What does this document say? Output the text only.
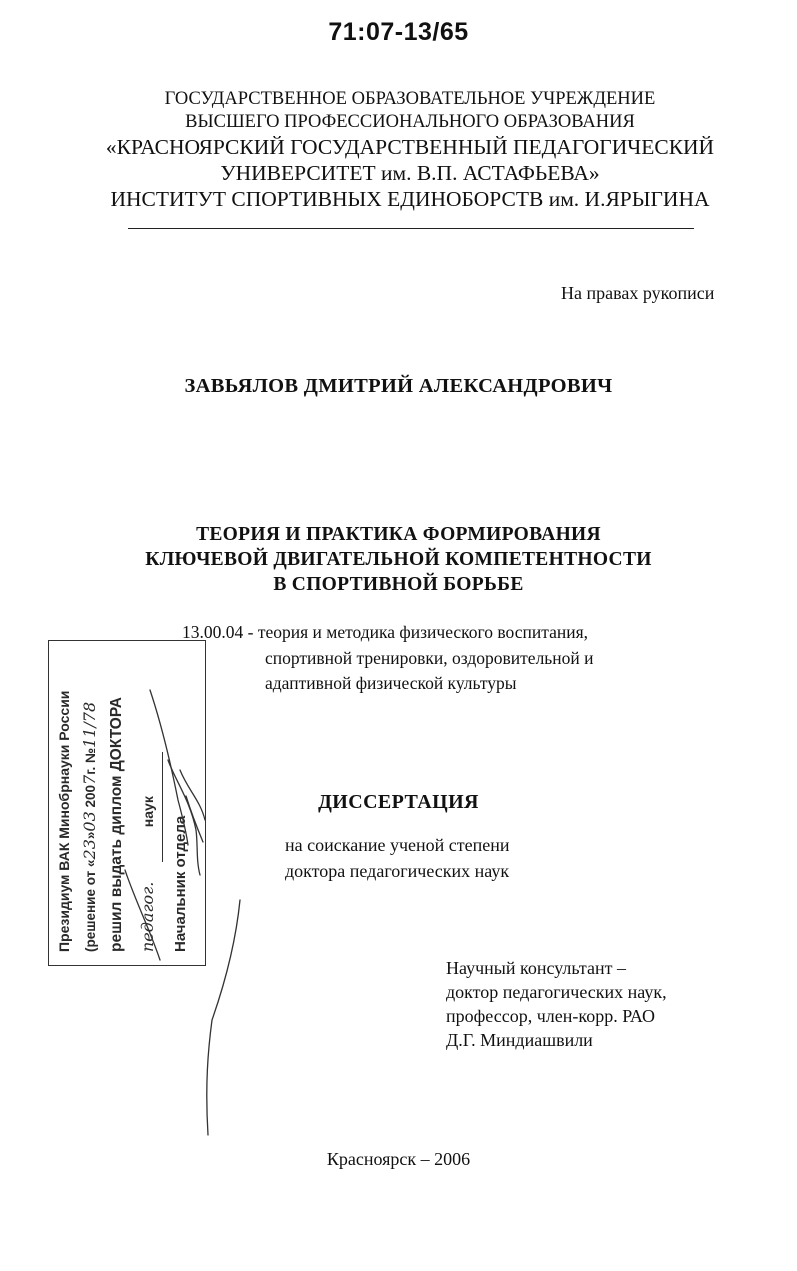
71:07-13/65
ГОСУДАРСТВЕННОЕ ОБРАЗОВАТЕЛЬНОЕ УЧРЕЖДЕНИЕ
ВЫСШЕГО ПРОФЕССИОНАЛЬНОГО ОБРАЗОВАНИЯ
«КРАСНОЯРСКИЙ ГОСУДАРСТВЕННЫЙ ПЕДАГОГИЧЕСКИЙ
УНИВЕРСИТЕТ им. В.П. АСТАФЬЕВА»
ИНСТИТУТ СПОРТИВНЫХ ЕДИНОБОРСТВ им. И.ЯРЫГИНА
На правах рукописи
ЗАВЬЯЛОВ ДМИТРИЙ АЛЕКСАНДРОВИЧ
ТЕОРИЯ И ПРАКТИКА ФОРМИРОВАНИЯ
КЛЮЧЕВОЙ ДВИГАТЕЛЬНОЙ КОМПЕТЕНТНОСТИ
В СПОРТИВНОЙ БОРЬБЕ
13.00.04 - теория и методика физического воспитания,
спортивной тренировки, оздоровительной и
адаптивной физической культуры
ДИССЕРТАЦИЯ
на соискание ученой степени
доктора педагогических наук
Научный консультант –
доктор педагогических наук,
профессор, член-корр. РАО
Д.Г. Миндиашвили
Красноярск – 2006
Президиум ВАК Минобрнауки России (решение от «23»03 2007г. №11/78 решил выдать диплом ДОКТОРА педагог.              наук
Начальник отдела
